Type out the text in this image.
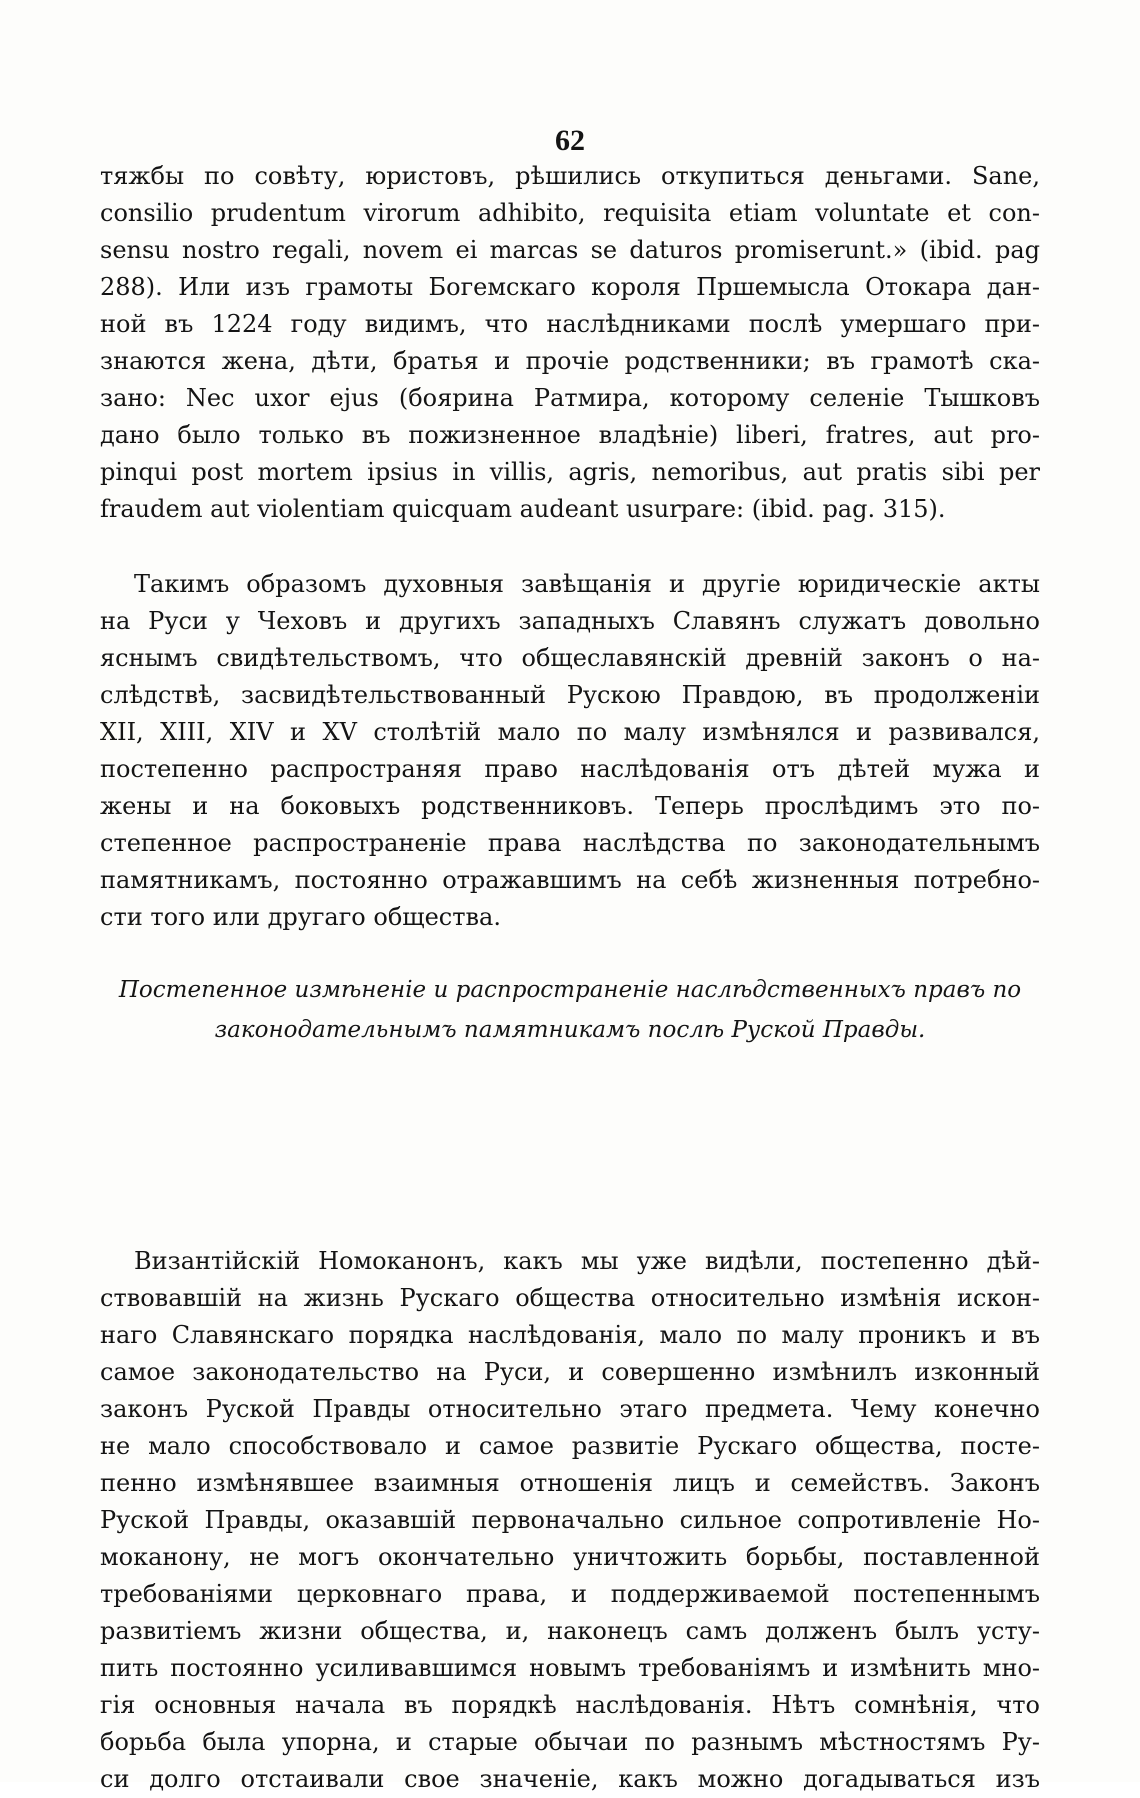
62
тяжбы по совѣту, юристовъ, рѣшились откупиться деньгами. Sane,
consilio prudentum virorum adhibito, requisita etiam voluntate et con-
sensu nostro regali, novem ei marcas se daturos promiserunt.» (ibid. pag
288). Или изъ грамоты Богемскаго короля Пршемысла Отокара дан-
ной въ 1224 году видимъ, что наслѣдниками послѣ умершаго при-
знаются жена, дѣти, братья и прочіе родственники; въ грамотѣ ска-
зано: Nec uxor ejus (боярина Ратмира, которому селеніе Тышковъ
дано было только въ пожизненное владѣніе) liberi, fratres, aut pro-
pinqui post mortem ipsius in villis, agris, nemoribus, aut pratis sibi per
fraudem aut violentiam quicquam audeant usurpare: (ibid. pag. 315).
Такимъ образомъ духовныя завѣщанія и другіе юридическіе акты
на Руси у Чеховъ и другихъ западныхъ Славянъ служатъ довольно
яснымъ свидѣтельствомъ, что общеславянскій древній законъ о на-
слѣдствѣ, засвидѣтельствованный Рускою Правдою, въ продолженіи
XII, XIII, XIV и XV столѣтій мало по малу измѣнялся и развивался,
постепенно распространяя право наслѣдованія отъ дѣтей мужа и
жены и на боковыхъ родственниковъ. Теперь прослѣдимъ это по-
степенное распространеніе права наслѣдства по законодательнымъ
памятникамъ, постоянно отражавшимъ на себѣ жизненныя потребно-
сти того или другаго общества.
Постепенное измѣненіе и распространеніе наслѣдственныхъ правъ по
законодательнымъ памятникамъ послѣ Руской Правды.
Византійскій Номоканонъ, какъ мы уже видѣли, постепенно дѣй-
ствовавшій на жизнь Рускаго общества относительно измѣнія искон-
наго Славянскаго порядка наслѣдованія, мало по малу проникъ и въ
самое законодательство на Руси, и совершенно измѣнилъ изконный
законъ Руской Правды относительно этаго предмета. Чему конечно
не мало способствовало и самое развитіе Рускаго общества, посте-
пенно измѣнявшее взаимныя отношенія лицъ и семействъ. Законъ
Руской Правды, оказавшій первоначально сильное сопротивленіе Но-
моканону, не могъ окончательно уничтожить борьбы, поставленной
требованіями церковнаго права, и поддерживаемой постепеннымъ
развитіемъ жизни общества, и, наконецъ самъ долженъ былъ усту-
пить постоянно усиливавшимся новымъ требованіямъ и измѣнить мно-
гія основныя начала въ порядкѣ наслѣдованія. Нѣтъ сомнѣнія, что
борьба была упорна, и старые обычаи по разнымъ мѣстностямъ Ру-
си долго отстаивали свое значеніе, какъ можно догадываться изъ
